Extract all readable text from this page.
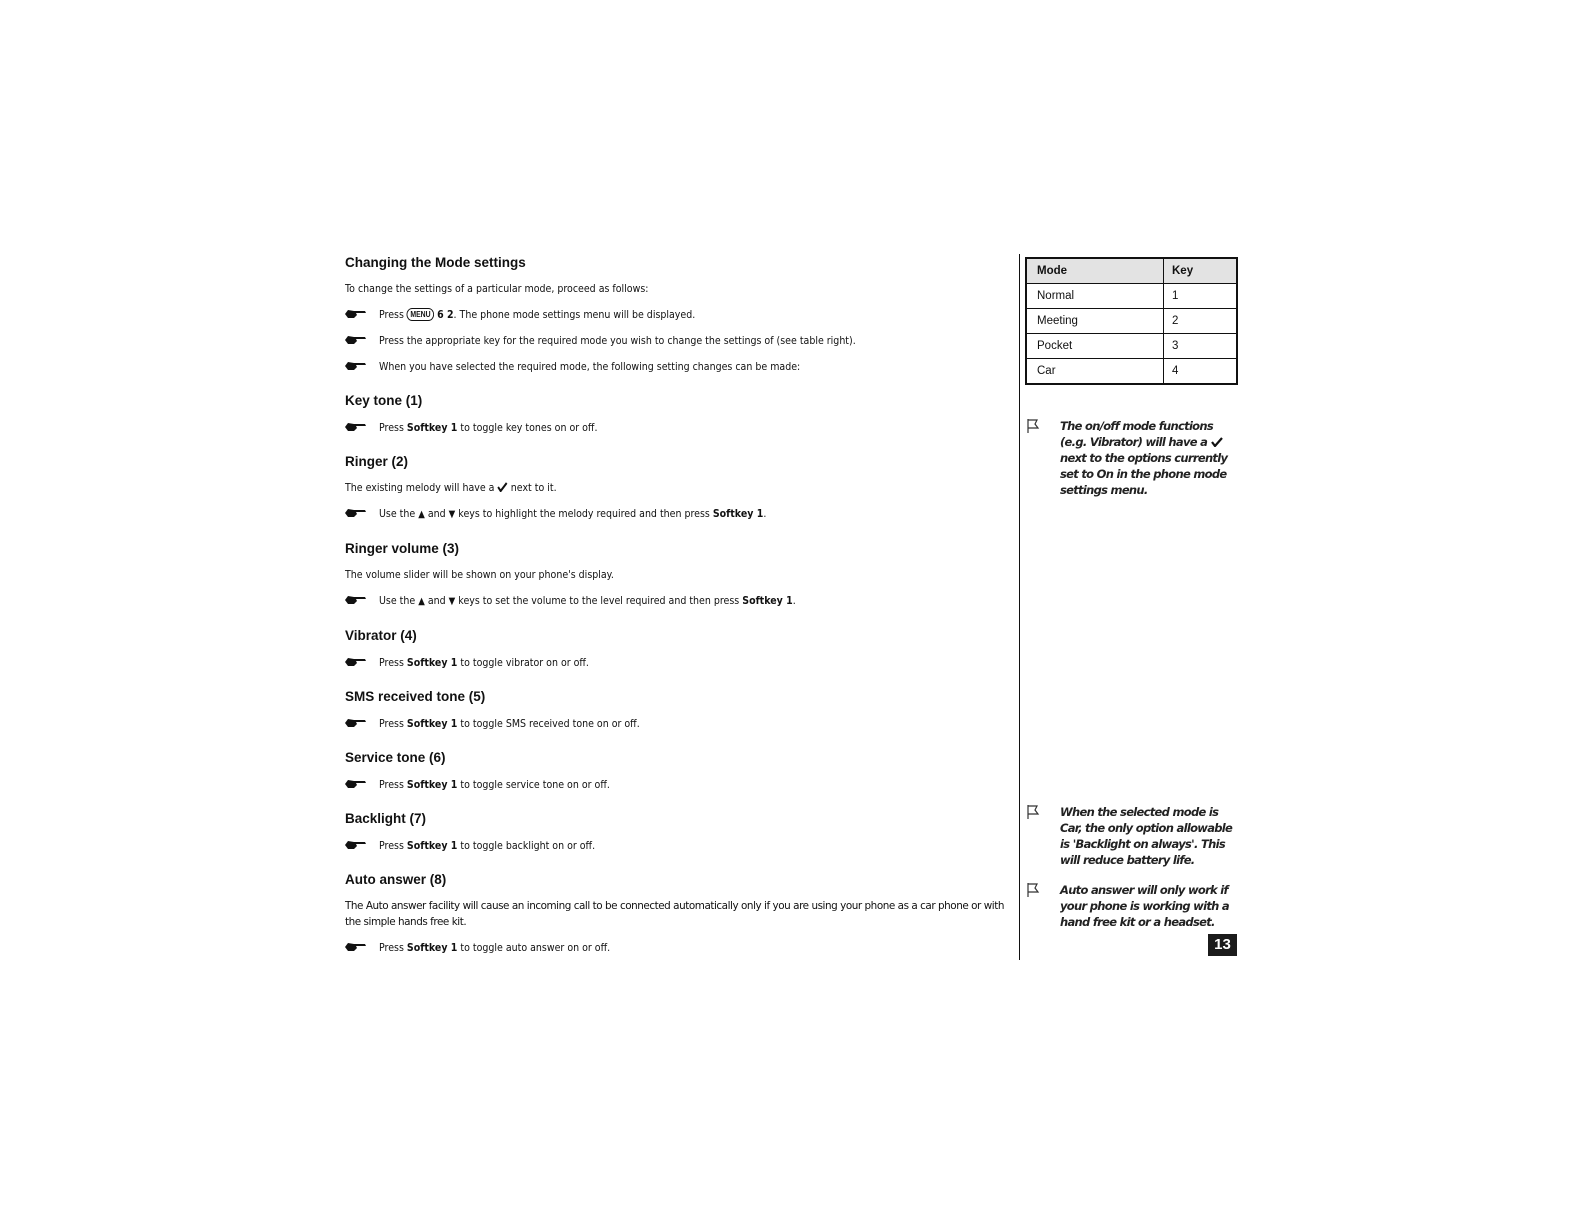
Changing the Mode settings
To change the settings of a particular mode, proceed as follows:
Press MENU 6 2. The phone mode settings menu will be displayed.
Press the appropriate key for the required mode you wish to change the settings of (see table right).
When you have selected the required mode, the following setting changes can be made:
Key tone (1)
Press Softkey 1 to toggle key tones on or off.
Ringer (2)
The existing melody will have a next to it.
Use the ▲ and ▼ keys to highlight the melody required and then press Softkey 1.
Ringer volume (3)
The volume slider will be shown on your phone's display.
Use the ▲ and ▼ keys to set the volume to the level required and then press Softkey 1.
Vibrator (4)
Press Softkey 1 to toggle vibrator on or off.
SMS received tone (5)
Press Softkey 1 to toggle SMS received tone on or off.
Service tone (6)
Press Softkey 1 to toggle service tone on or off.
Backlight (7)
Press Softkey 1 to toggle backlight on or off.
Auto answer (8)
The Auto answer facility will cause an incoming call to be connected automatically only if you are using your phone as a car phone or with the simple hands free kit.
Press Softkey 1 to toggle auto answer on or off.
Mode	Key
Normal	1
Meeting	2
Pocket	3
Car	4
The on/off mode functions (e.g. Vibrator) will have a  next to the options currently set to On in the phone mode settings menu.
When the selected mode is Car, the only option allowable is 'Backlight on always'. This will reduce battery life.
Auto answer will only work if your phone is working with a hand free kit or a headset.
13
